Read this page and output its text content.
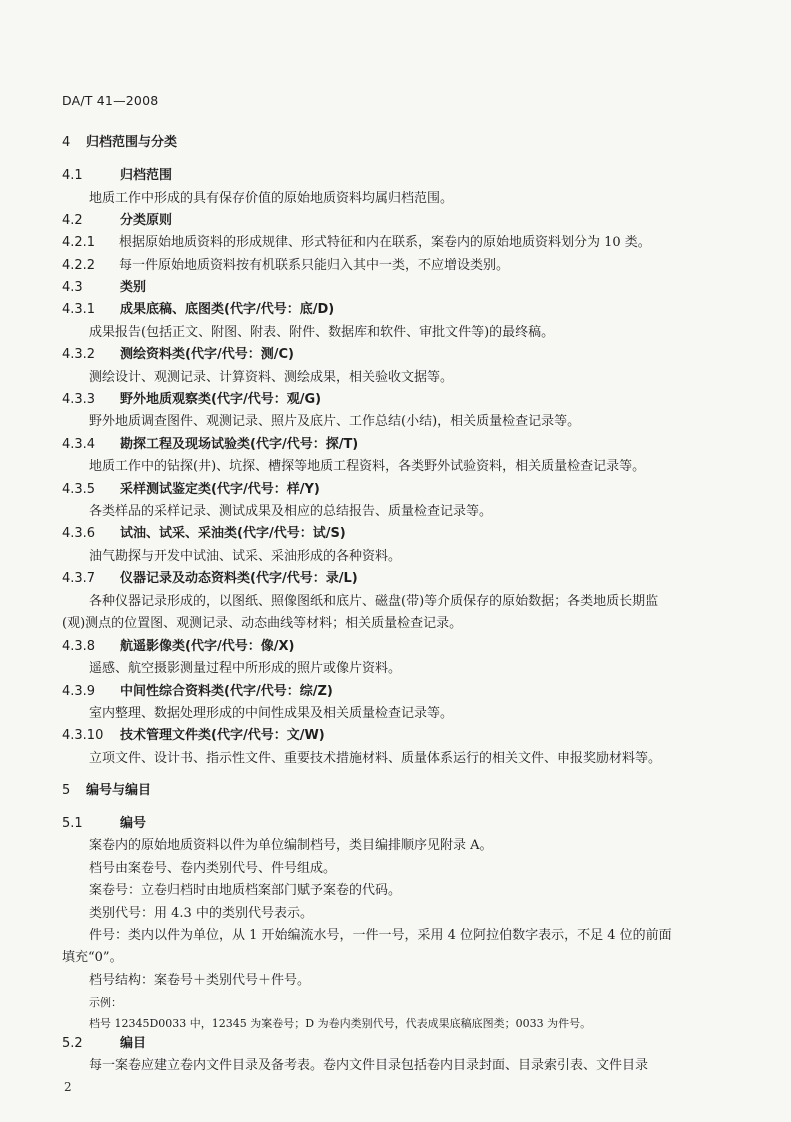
DA/T 41—2008
4 归档范围与分类
4.1	归档范围
地质工作中形成的具有保存价值的原始地质资料均属归档范围。
4.2	分类原则
4.2.1 根据原始地质资料的形成规律、形式特征和内在联系，案卷内的原始地质资料划分为 10 类。
4.2.2 每一件原始地质资料按有机联系只能归入其中一类，不应增设类别。
4.3	类别
4.3.1 成果底稿、底图类(代字/代号：底/D)
成果报告(包括正文、附图、附表、附件、数据库和软件、审批文件等)的最终稿。
4.3.2 测绘资料类(代字/代号：测/C)
测绘设计、观测记录、计算资料、测绘成果，相关验收文据等。
4.3.3 野外地质观察类(代字/代号：观/G)
野外地质调查图件、观测记录、照片及底片、工作总结(小结)，相关质量检查记录等。
4.3.4 勘探工程及现场试验类(代字/代号：探/T)
地质工作中的钻探(井)、坑探、槽探等地质工程资料，各类野外试验资料，相关质量检查记录等。
4.3.5 采样测试鉴定类(代字/代号：样/Y)
各类样品的采样记录、测试成果及相应的总结报告、质量检查记录等。
4.3.6 试油、试采、采油类(代字/代号：试/S)
油气勘探与开发中试油、试采、采油形成的各种资料。
4.3.7 仪器记录及动态资料类(代字/代号：录/L)
各种仪器记录形成的，以图纸、照像图纸和底片、磁盘(带)等介质保存的原始数据；各类地质长期监
(观)测点的位置图、观测记录、动态曲线等材料；相关质量检查记录。
4.3.8 航遥影像类(代字/代号：像/X)
遥感、航空摄影测量过程中所形成的照片或像片资料。
4.3.9 中间性综合资料类(代字/代号：综/Z)
室内整理、数据处理形成的中间性成果及相关质量检查记录等。
4.3.10 技术管理文件类(代字/代号：文/W)
立项文件、设计书、指示性文件、重要技术措施材料、质量体系运行的相关文件、申报奖励材料等。
5 编号与编目
5.1	编号
案卷内的原始地质资料以件为单位编制档号，类目编排顺序见附录 A。
档号由案卷号、卷内类别代号、件号组成。
案卷号：立卷归档时由地质档案部门赋予案卷的代码。
类别代号：用 4.3 中的类别代号表示。
件号：类内以件为单位，从 1 开始编流水号，一件一号，采用 4 位阿拉伯数字表示，不足 4 位的前面
填充“0”。
档号结构：案卷号＋类别代号＋件号。
示例：
档号 12345D0033 中，12345 为案卷号；D 为卷内类别代号，代表成果底稿底图类；0033 为件号。
5.2	编目
每一案卷应建立卷内文件目录及备考表。卷内文件目录包括卷内目录封面、目录索引表、文件目录
2
